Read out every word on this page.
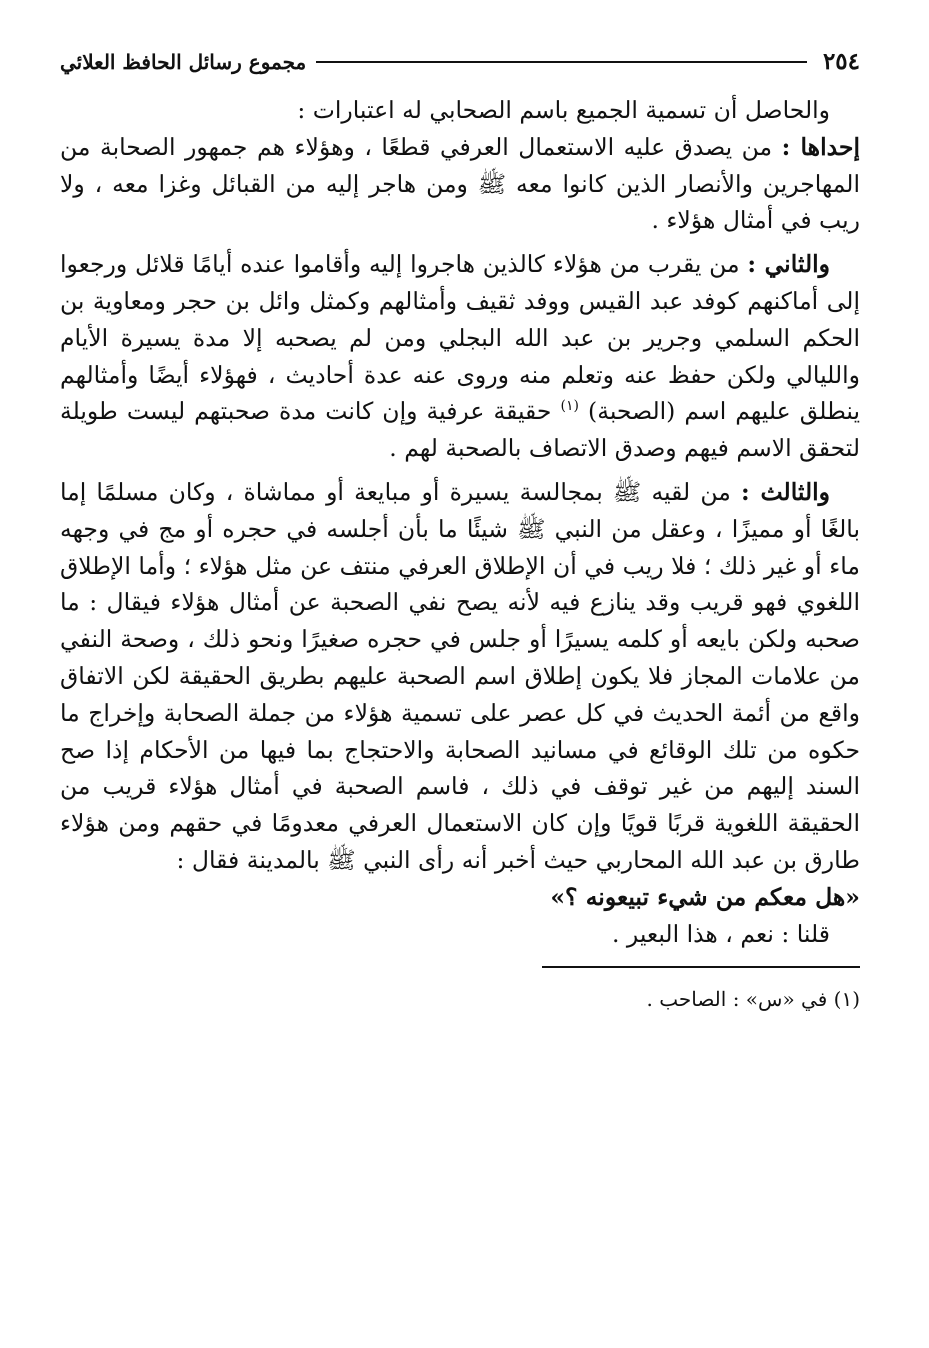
٢٥٤
مجموع رسائل الحافظ العلائي

والحاصل أن تسمية الجميع باسم الصحابي له اعتبارات :

إحداها : من يصدق عليه الاستعمال العرفي قطعًا ، وهؤلاء هم جمهور الصحابة من المهاجرين والأنصار الذين كانوا معه ﷺ ومن هاجر إليه من القبائل وغزا معه ، ولا ريب في أمثال هؤلاء .

والثاني : من يقرب من هؤلاء كالذين هاجروا إليه وأقاموا عنده أيامًا قلائل ورجعوا إلى أماكنهم كوفد عبد القيس ووفد ثقيف وأمثالهم وكمثل وائل بن حجر ومعاوية بن الحكم السلمي وجرير بن عبد الله البجلي ومن لم يصحبه إلا مدة يسيرة الأيام والليالي ولكن حفظ عنه وتعلم منه وروى عنه عدة أحاديث ، فهؤلاء أيضًا وأمثالهم ينطلق عليهم اسم (الصحبة) $^{(١)}$ حقيقة عرفية وإن كانت مدة صحبتهم ليست طويلة لتحقق الاسم فيهم وصدق الاتصاف بالصحبة لهم .

والثالث : من لقيه ﷺ بمجالسة يسيرة أو مبايعة أو مماشاة ، وكان مسلمًا إما بالغًا أو مميزًا ، وعقل من النبي ﷺ شيئًا ما بأن أجلسه في حجره أو مج في وجهه ماء أو غير ذلك ؛ فلا ريب في أن الإطلاق العرفي منتف عن مثل هؤلاء ؛ وأما الإطلاق اللغوي فهو قريب وقد ينازع فيه لأنه يصح نفي الصحبة عن أمثال هؤلاء فيقال : ما صحبه ولكن بايعه أو كلمه يسيرًا أو جلس في حجره صغيرًا ونحو ذلك ، وصحة النفي من علامات المجاز فلا يكون إطلاق اسم الصحبة عليهم بطريق الحقيقة لكن الاتفاق واقع من أئمة الحديث في كل عصر على تسمية هؤلاء من جملة الصحابة وإخراج ما حكوه من تلك الوقائع في مسانيد الصحابة والاحتجاج بما فيها من الأحكام إذا صح السند إليهم من غير توقف في ذلك ، فاسم الصحبة في أمثال هؤلاء قريب من الحقيقة اللغوية قربًا قويًا وإن كان الاستعمال العرفي معدومًا في حقهم ومن هؤلاء طارق بن عبد الله المحاربي حيث أخبر أنه رأى النبي ﷺ بالمدينة فقال :

«هل معكم من شيء تبيعونه ؟»

قلنا : نعم ، هذا البعير .

(١) في «س» : الصاحب .
